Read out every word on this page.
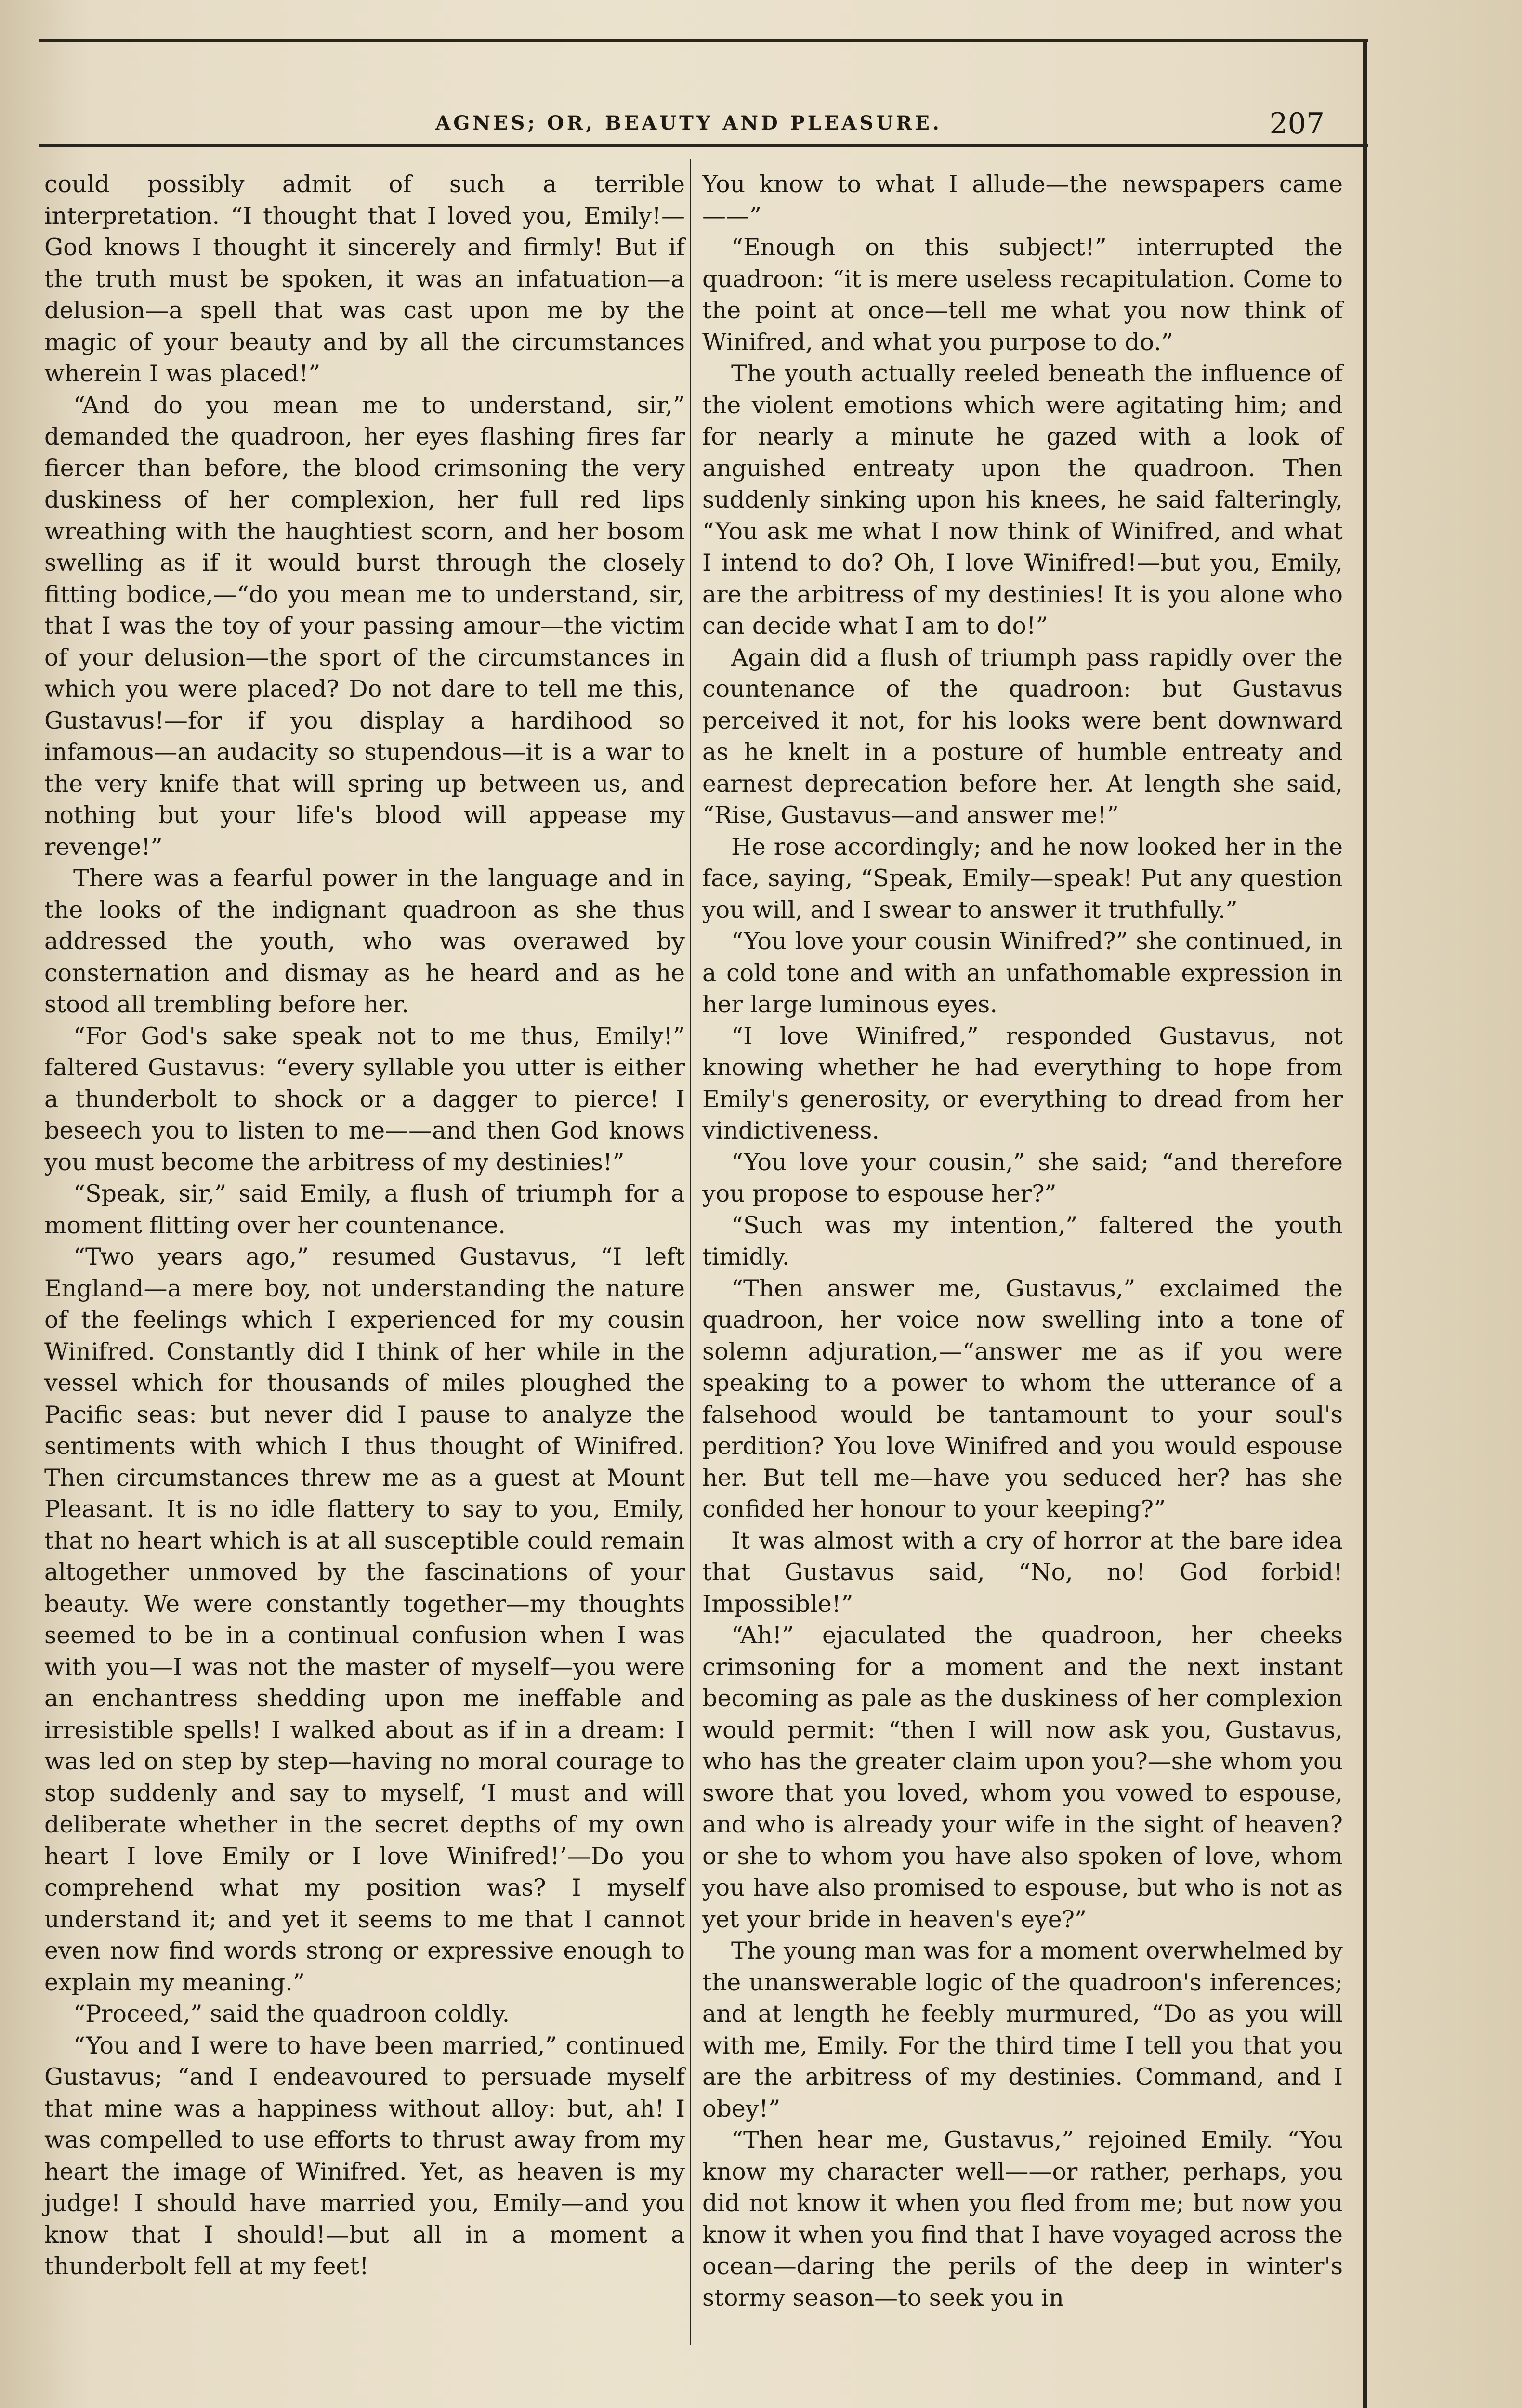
AGNES; OR, BEAUTY AND PLEASURE.	207

could possibly admit of such a terrible interpretation. “I thought that I loved you, Emily!—God knows I thought it sincerely and firmly! But if the truth must be spoken, it was an infatuation—a delusion—a spell that was cast upon me by the magic of your beauty and by all the circumstances wherein I was placed!”

“And do you mean me to understand, sir,” demanded the quadroon, her eyes flashing fires far fiercer than before, the blood crimsoning the very duskiness of her complexion, her full red lips wreathing with the haughtiest scorn, and her bosom swelling as if it would burst through the closely fitting bodice,—“do you mean me to understand, sir, that I was the toy of your passing amour—the victim of your delusion—the sport of the circumstances in which you were placed? Do not dare to tell me this, Gustavus!—for if you display a hardihood so infamous—an audacity so stupendous—it is a war to the very knife that will spring up between us, and nothing but your life's blood will appease my revenge!”

There was a fearful power in the language and in the looks of the indignant quadroon as she thus addressed the youth, who was overawed by consternation and dismay as he heard and as he stood all trembling before her.

“For God's sake speak not to me thus, Emily!” faltered Gustavus: “every syllable you utter is either a thunderbolt to shock or a dagger to pierce! I beseech you to listen to me——and then God knows you must become the arbitress of my destinies!”

“Speak, sir,” said Emily, a flush of triumph for a moment flitting over her countenance.

“Two years ago,” resumed Gustavus, “I left England—a mere boy, not understanding the nature of the feelings which I experienced for my cousin Winifred. Constantly did I think of her while in the vessel which for thousands of miles ploughed the Pacific seas: but never did I pause to analyze the sentiments with which I thus thought of Winifred. Then circumstances threw me as a guest at Mount Pleasant. It is no idle flattery to say to you, Emily, that no heart which is at all susceptible could remain altogether unmoved by the fascinations of your beauty. We were constantly together—my thoughts seemed to be in a continual confusion when I was with you—I was not the master of myself—you were an enchantress shedding upon me ineffable and irresistible spells! I walked about as if in a dream: I was led on step by step—having no moral courage to stop suddenly and say to myself, ‘I must and will deliberate whether in the secret depths of my own heart I love Emily or I love Winifred!’—Do you comprehend what my position was? I myself understand it; and yet it seems to me that I cannot even now find words strong or expressive enough to explain my meaning.”

“Proceed,” said the quadroon coldly.

“You and I were to have been married,” continued Gustavus; “and I endeavoured to persuade myself that mine was a happiness without alloy: but, ah! I was compelled to use efforts to thrust away from my heart the image of Winifred. Yet, as heaven is my judge! I should have married you, Emily—and you know that I should!—but all in a moment a thunderbolt fell at my feet!

You know to what I allude—the newspapers came——”

“Enough on this subject!” interrupted the quadroon: “it is mere useless recapitulation. Come to the point at once—tell me what you now think of Winifred, and what you purpose to do.”

The youth actually reeled beneath the influence of the violent emotions which were agitating him; and for nearly a minute he gazed with a look of anguished entreaty upon the quadroon. Then suddenly sinking upon his knees, he said falteringly, “You ask me what I now think of Winifred, and what I intend to do? Oh, I love Winifred!—but you, Emily, are the arbitress of my destinies! It is you alone who can decide what I am to do!”

Again did a flush of triumph pass rapidly over the countenance of the quadroon: but Gustavus perceived it not, for his looks were bent downward as he knelt in a posture of humble entreaty and earnest deprecation before her. At length she said, “Rise, Gustavus—and answer me!”

He rose accordingly; and he now looked her in the face, saying, “Speak, Emily—speak! Put any question you will, and I swear to answer it truthfully.”

“You love your cousin Winifred?” she continued, in a cold tone and with an unfathomable expression in her large luminous eyes.

“I love Winifred,” responded Gustavus, not knowing whether he had everything to hope from Emily's generosity, or everything to dread from her vindictiveness.

“You love your cousin,” she said; “and therefore you propose to espouse her?”

“Such was my intention,” faltered the youth timidly.

“Then answer me, Gustavus,” exclaimed the quadroon, her voice now swelling into a tone of solemn adjuration,—“answer me as if you were speaking to a power to whom the utterance of a falsehood would be tantamount to your soul's perdition? You love Winifred and you would espouse her. But tell me—have you seduced her? has she confided her honour to your keeping?”

It was almost with a cry of horror at the bare idea that Gustavus said, “No, no! God forbid! Impossible!”

“Ah!” ejaculated the quadroon, her cheeks crimsoning for a moment and the next instant becoming as pale as the duskiness of her complexion would permit: “then I will now ask you, Gustavus, who has the greater claim upon you?—she whom you swore that you loved, whom you vowed to espouse, and who is already your wife in the sight of heaven? or she to whom you have also spoken of love, whom you have also promised to espouse, but who is not as yet your bride in heaven's eye?”

The young man was for a moment overwhelmed by the unanswerable logic of the quadroon's inferences; and at length he feebly murmured, “Do as you will with me, Emily. For the third time I tell you that you are the arbitress of my destinies. Command, and I obey!”

“Then hear me, Gustavus,” rejoined Emily. “You know my character well——or rather, perhaps, you did not know it when you fled from me; but now you know it when you find that I have voyaged across the ocean—daring the perils of the deep in winter's stormy season—to seek you in
